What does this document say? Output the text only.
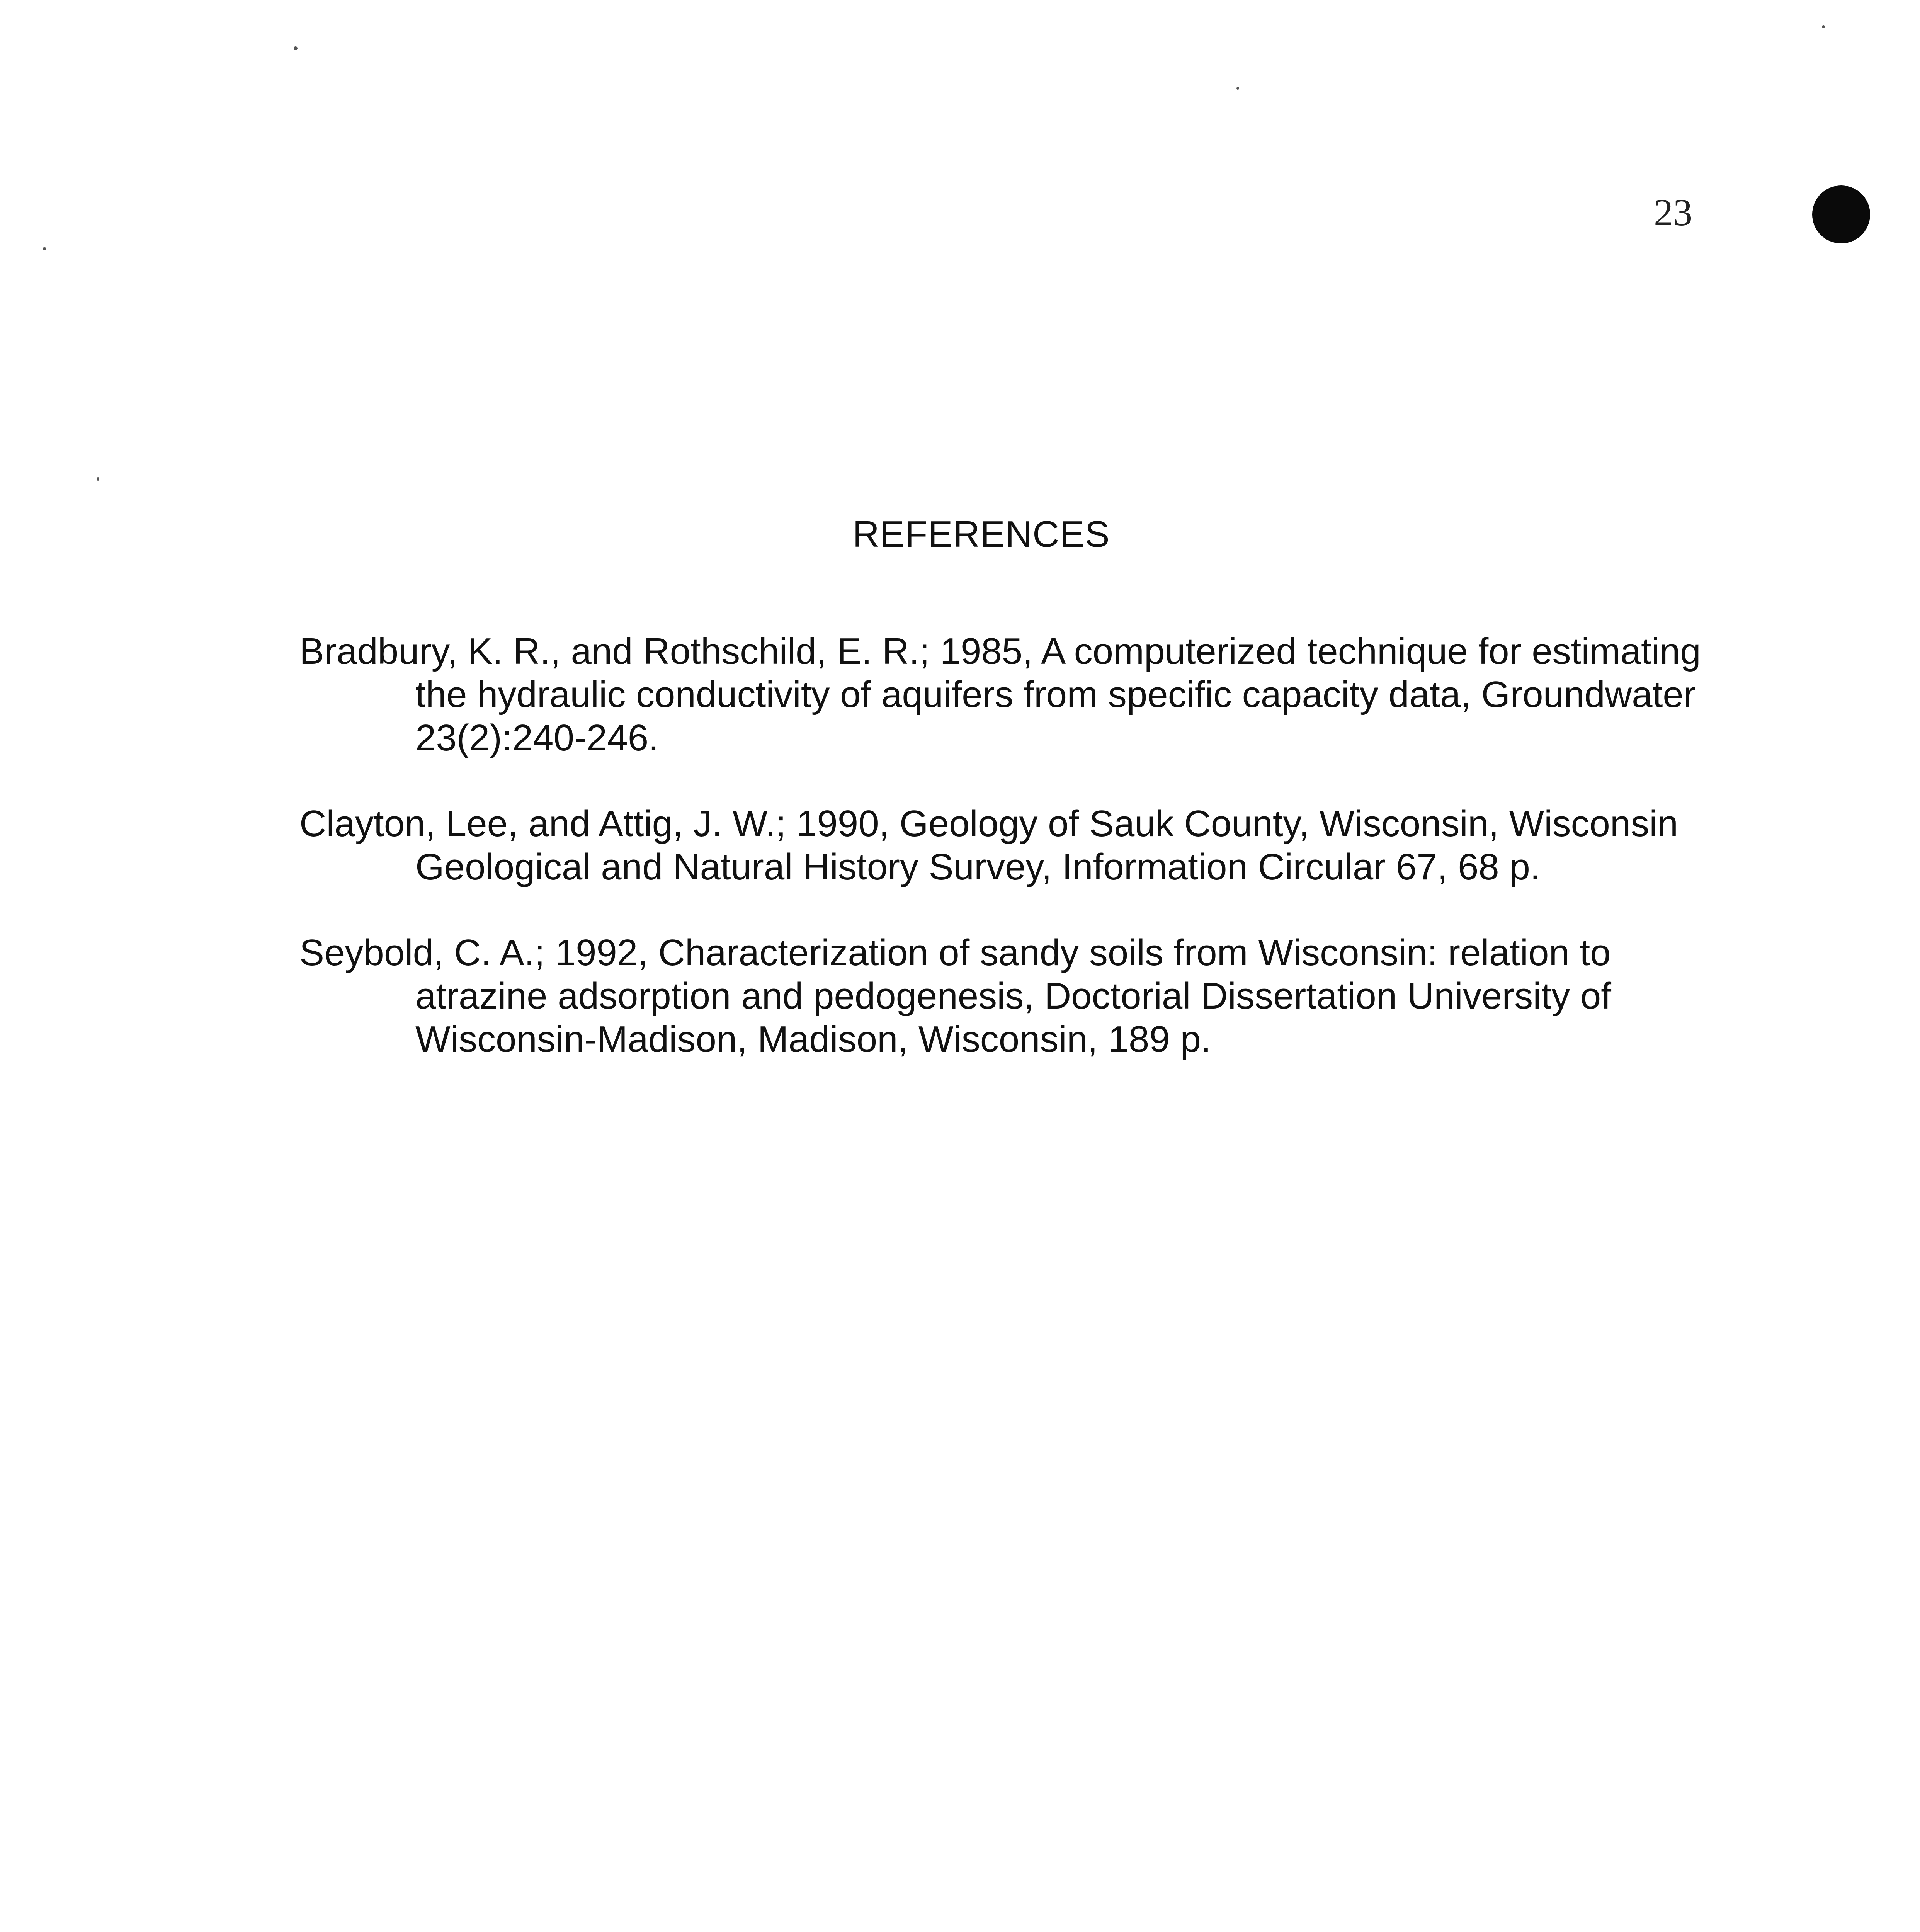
23
REFERENCES
Bradbury, K. R., and Rothschild, E. R.; 1985, A computerized technique for estimating the hydraulic conductivity of aquifers from specific capacity data, Groundwater 23(2):240-246.
Clayton, Lee, and Attig, J. W.; 1990, Geology of Sauk County, Wisconsin, Wisconsin Geological and Natural History Survey, Information Circular 67, 68 p.
Seybold, C. A.; 1992, Characterization of sandy soils from Wisconsin: relation to atrazine adsorption and pedogenesis, Doctorial Dissertation University of Wisconsin-Madison, Madison, Wisconsin, 189 p.
